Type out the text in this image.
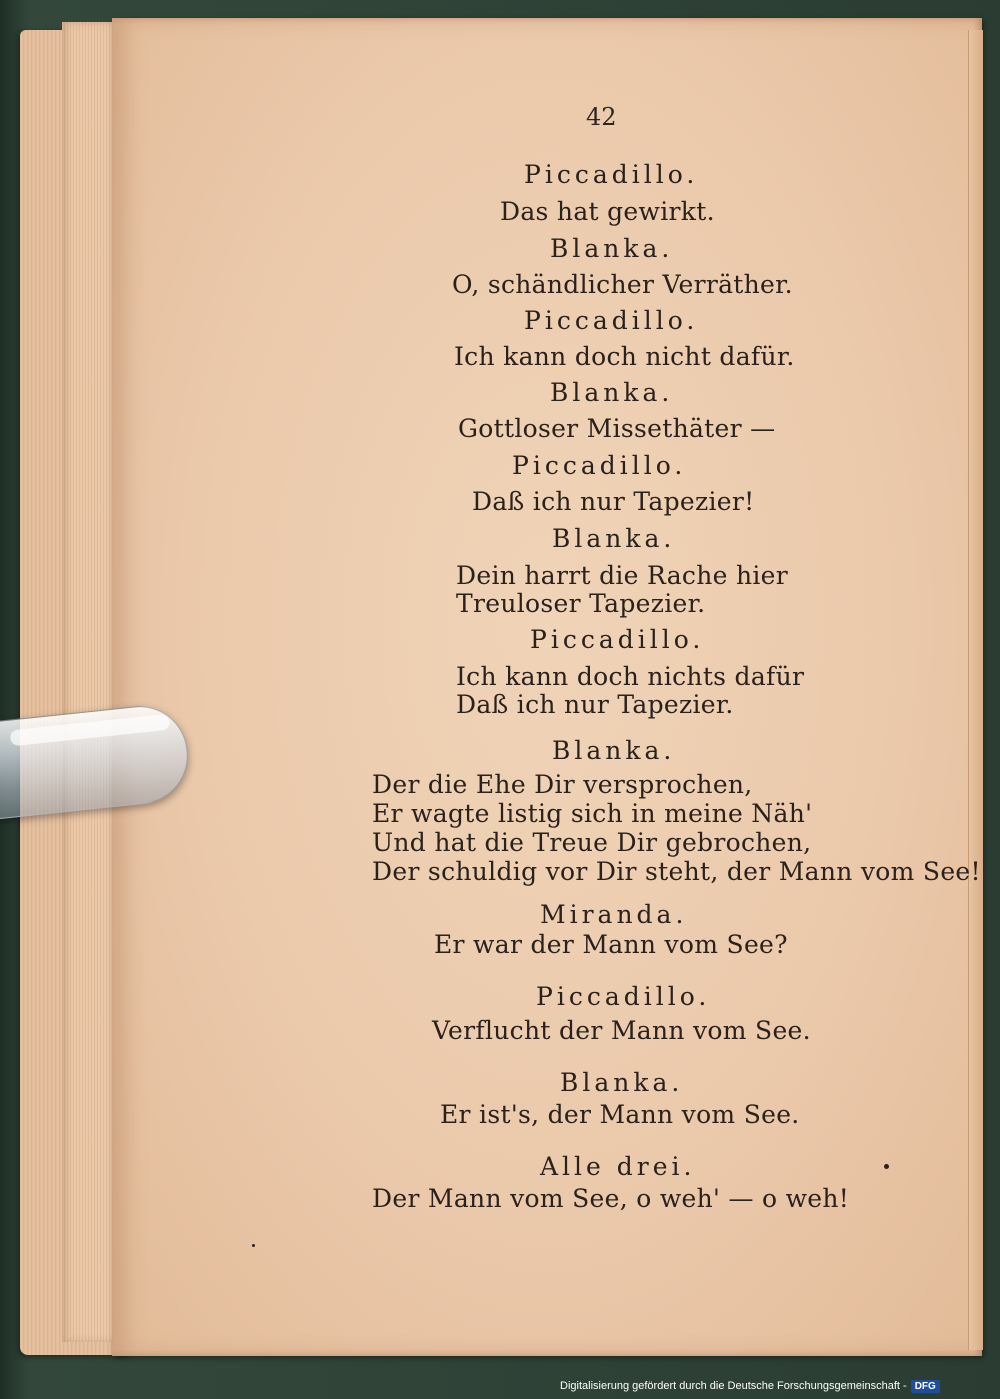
42
Piccadillo.
Das hat gewirkt.
Blanka.
O, schändlicher Verräther.
Piccadillo.
Ich kann doch nicht dafür.
Blanka.
Gottloser Missethäter —
Piccadillo.
Daß ich nur Tapezier!
Blanka.
Dein harrt die Rache hier
Treuloser Tapezier.
Piccadillo.
Ich kann doch nichts dafür
Daß ich nur Tapezier.
Blanka.
Der die Ehe Dir versprochen,
Er wagte listig sich in meine Näh'
Und hat die Treue Dir gebrochen,
Der schuldig vor Dir steht, der Mann vom See!
Miranda.
Er war der Mann vom See?
Piccadillo.
Verflucht der Mann vom See.
Blanka.
Er ist's, der Mann vom See.
Alle drei.
Der Mann vom See, o weh' — o weh!
Digitalisierung gefördert durch die Deutsche Forschungsgemeinschaft - DFG
